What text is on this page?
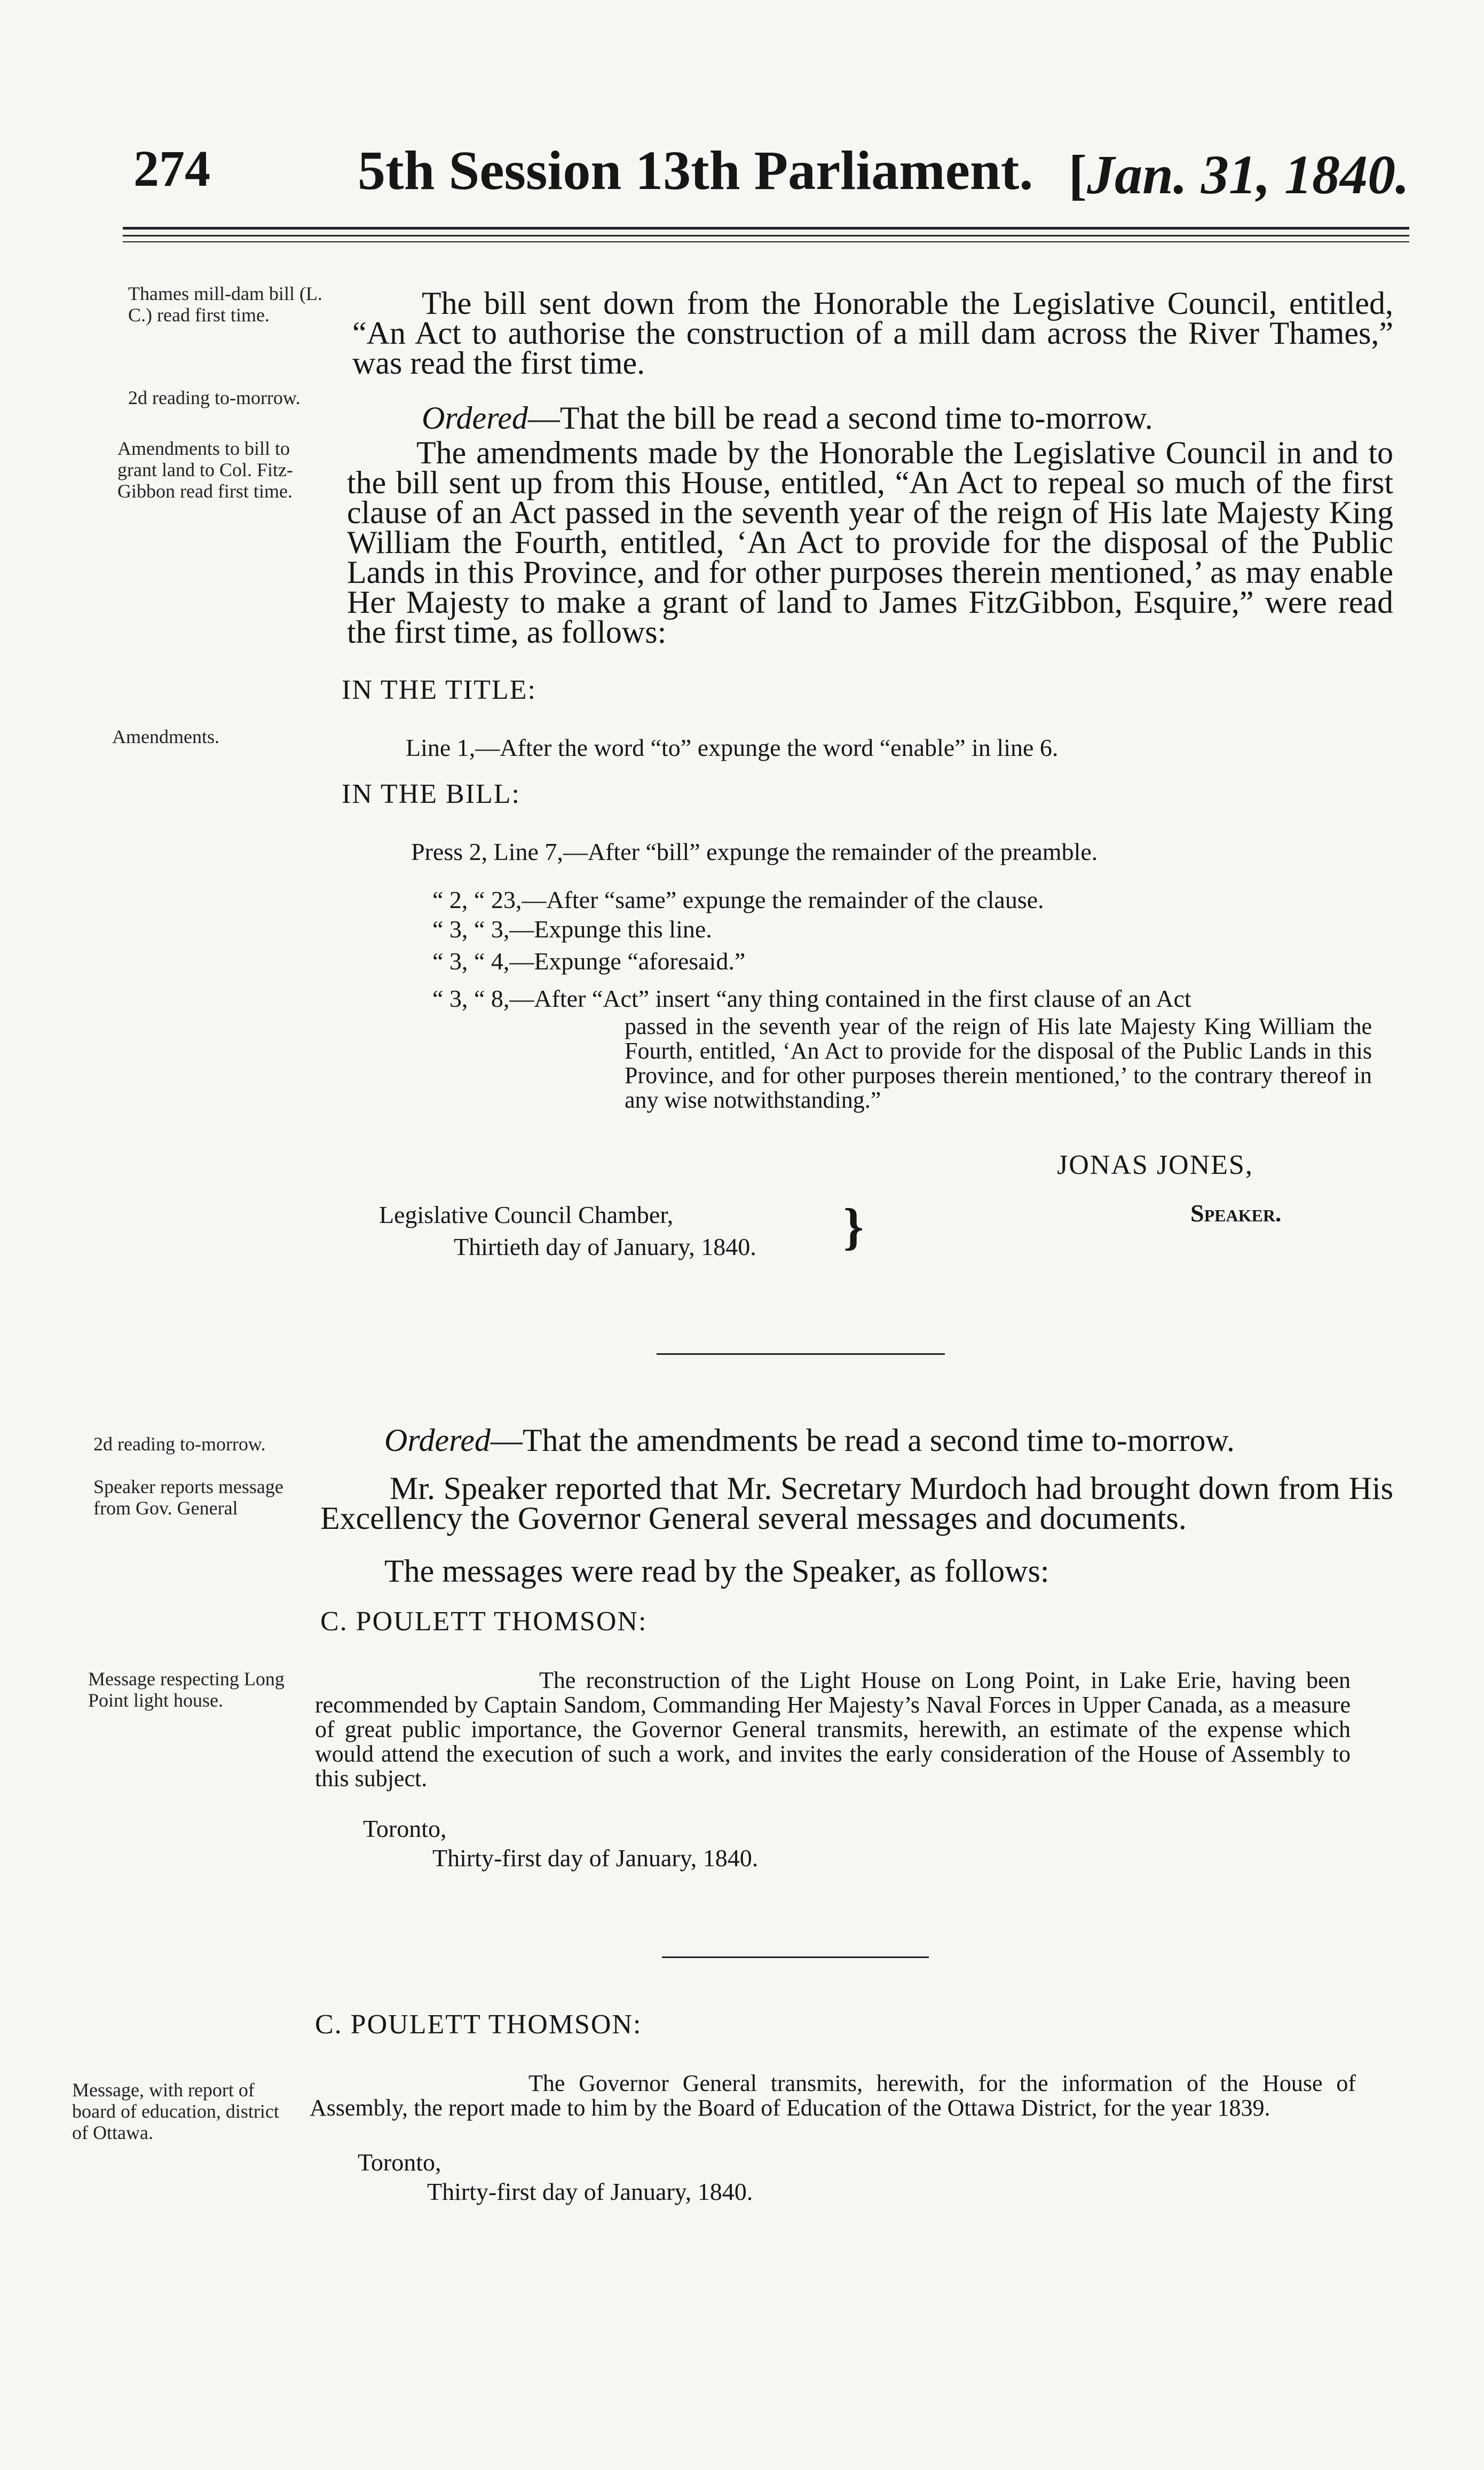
274	5th Session 13th Parliament. [Jan. 31, 1840.
Thames mill-dam bill (L. C.) read first time.
2d reading to-morrow.
Amendments to bill to grant land to Col. Fitz-Gibbon read first time.
Amendments.
2d reading to-morrow.
Speaker reports message from Gov. General
Message respecting Long Point light house.
Message, with report of board of education, district of Ottawa.
The bill sent down from the Honorable the Legislative Council, entitled, “An Act to authorise the construction of a mill dam across the River Thames,” was read the first time.
Ordered—That the bill be read a second time to-morrow.
The amendments made by the Honorable the Legislative Council in and to the bill sent up from this House, entitled, “An Act to repeal so much of the first clause of an Act passed in the seventh year of the reign of His late Majesty King William the Fourth, entitled, ‘An Act to provide for the disposal of the Public Lands in this Province, and for other purposes therein mentioned,’ as may enable Her Majesty to make a grant of land to James FitzGibbon, Esquire,” were read the first time, as follows:
IN THE TITLE:
Line 1,—After the word “to” expunge the word “enable” in line 6.
IN THE BILL:
Press 2, Line 7,—After “bill” expunge the remainder of the preamble.
“ 2, “ 23,—After “same” expunge the remainder of the clause.
“ 3, “ 3,—Expunge this line.
“ 3, “ 4,—Expunge “aforesaid.”
“ 3, “ 8,—After “Act” insert “any thing contained in the first clause of an Act
passed in the seventh year of the reign of His late Majesty King William the Fourth, entitled, ‘An Act to provide for the disposal of the Public Lands in this Province, and for other purposes therein mentioned,’ to the contrary thereof in any wise notwithstanding.”
JONAS JONES,
Speaker.
Legislative Council Chamber,
Thirtieth day of January, 1840.	}
Ordered—That the amendments be read a second time to-morrow.
Mr. Speaker reported that Mr. Secretary Murdoch had brought down from His Excellency the Governor General several messages and documents.
The messages were read by the Speaker, as follows:
C. POULETT THOMSON:
The reconstruction of the Light House on Long Point, in Lake Erie, having been recommended by Captain Sandom, Commanding Her Majesty’s Naval Forces in Upper Canada, as a measure of great public importance, the Governor General transmits, herewith, an estimate of the expense which would attend the execution of such a work, and invites the early consideration of the House of Assembly to this subject.
Toronto,
Thirty-first day of January, 1840.
C. POULETT THOMSON:
The Governor General transmits, herewith, for the information of the House of Assembly, the report made to him by the Board of Education of the Ottawa District, for the year 1839.
Toronto,
Thirty-first day of January, 1840.
